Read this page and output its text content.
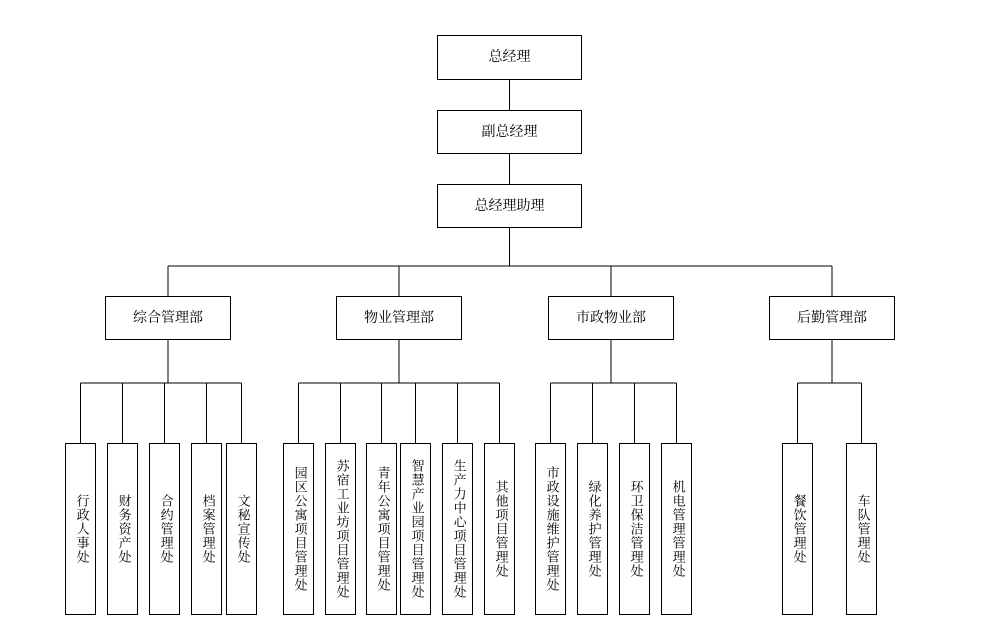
总经理
副总经理
总经理助理
综合管理部	物业管理部	市政物业部	后勤管理部
行政人事处 财务资产处 合约管理处 档案管理处 文秘宣传处	园区公寓项目管理处 苏宿工业坊项目管理处 青年公寓项目管理处 智慧产业园项目管理处 生产力中心项目管理处 其他项目管理处	市政设施维护管理处 绿化养护管理处 环卫保洁管理处 机电管理管理处	餐饮管理处	车队管理处
